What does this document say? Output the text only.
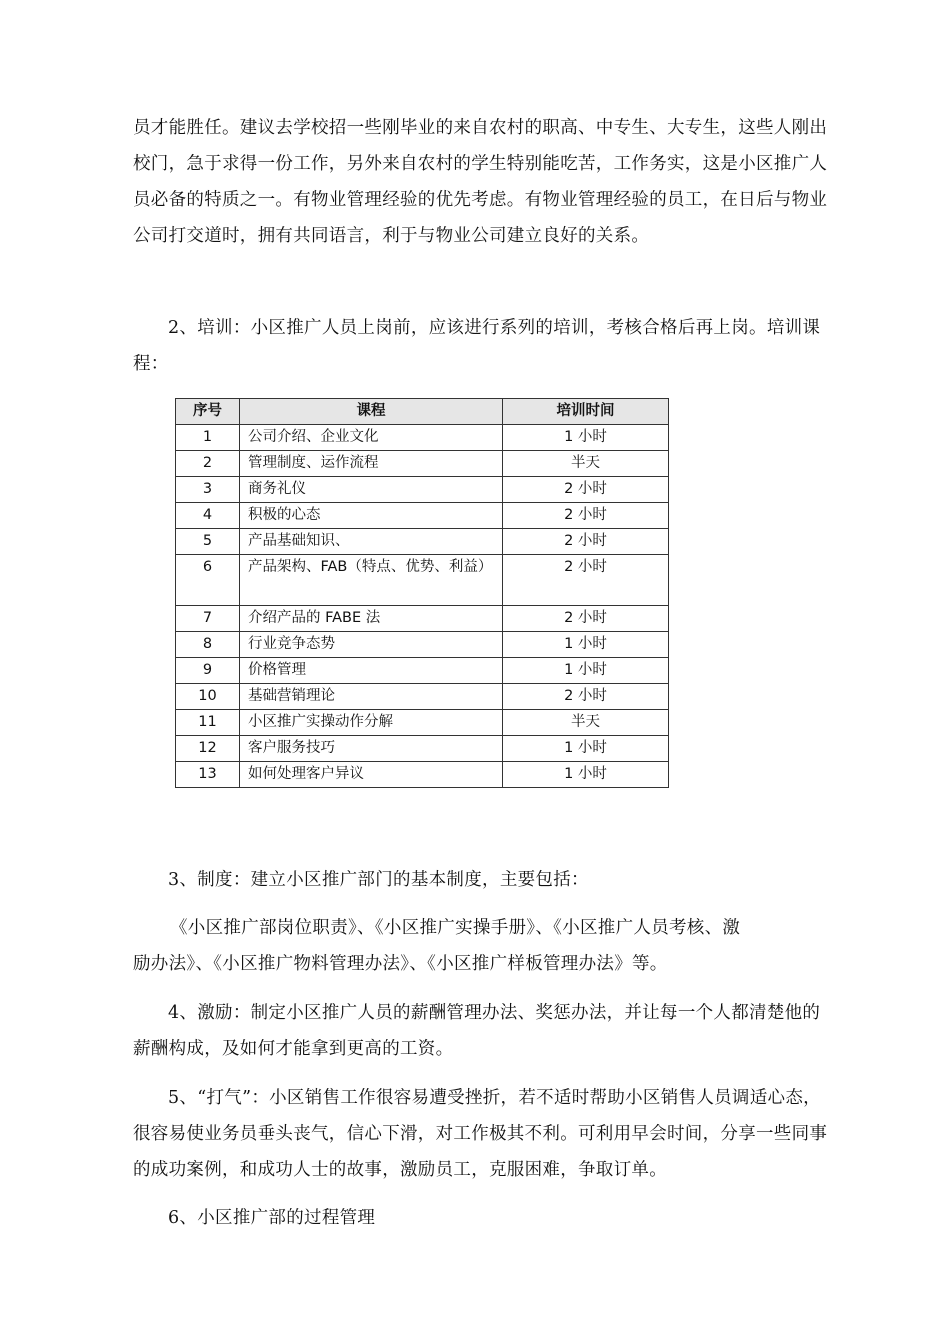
员才能胜任。建议去学校招一些刚毕业的来自农村的职高、中专生、大专生，这些人刚出校门，急于求得一份工作，另外来自农村的学生特别能吃苦，工作务实，这是小区推广人员必备的特质之一。有物业管理经验的优先考虑。有物业管理经验的员工，在日后与物业公司打交道时，拥有共同语言，利于与物业公司建立良好的关系。

2、培训：小区推广人员上岗前，应该进行系列的培训，考核合格后再上岗。培训课程：

序号	课程	培训时间
1	公司介绍、企业文化	1 小时
2	管理制度、运作流程	半天
3	商务礼仪	2 小时
4	积极的心态	2 小时
5	产品基础知识、	2 小时
6	产品架构、FAB（特点、优势、利益）	2 小时
7	介绍产品的 FABE 法	2 小时
8	行业竞争态势	1 小时
9	价格管理	1 小时
10	基础营销理论	2 小时
11	小区推广实操动作分解	半天
12	客户服务技巧	1 小时
13	如何处理客户异议	1 小时

3、制度：建立小区推广部门的基本制度，主要包括：

《小区推广部岗位职责》、《小区推广实操手册》、《小区推广人员考核、激
励办法》、《小区推广物料管理办法》、《小区推广样板管理办法》等。

4、激励：制定小区推广人员的薪酬管理办法、奖惩办法，并让每一个人都清楚他的薪酬构成，及如何才能拿到更高的工资。

5、“打气”：小区销售工作很容易遭受挫折，若不适时帮助小区销售人员调适心态，很容易使业务员垂头丧气，信心下滑，对工作极其不利。可利用早会时间，分享一些同事的成功案例，和成功人士的故事，激励员工，克服困难，争取订单。

6、小区推广部的过程管理
